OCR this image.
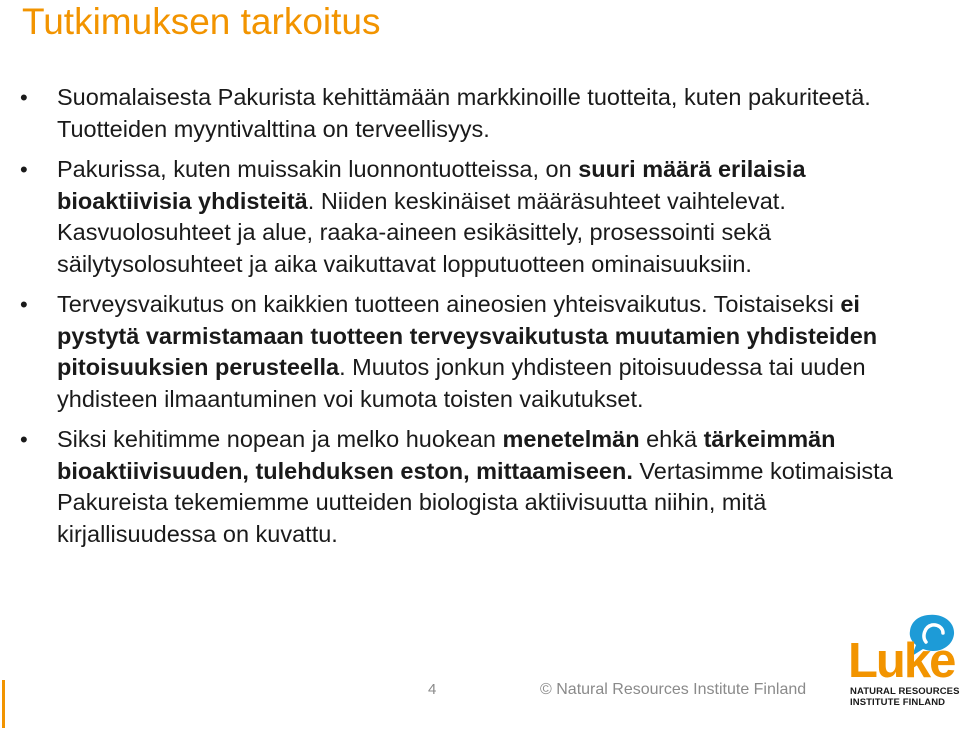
Tutkimuksen tarkoitus
•	Suomalaisesta Pakurista kehittämään markkinoille tuotteita, kuten pakuriteetä. Tuotteiden myyntivalttina on terveellisyys.
•	Pakurissa, kuten muissakin luonnontuotteissa, on suuri määrä erilaisia bioaktiivisia yhdisteitä. Niiden keskinäiset määräsuhteet vaihtelevat. Kasvuolosuhteet ja alue, raaka-aineen esikäsittely, prosessointi sekä säilytysolosuhteet ja aika vaikuttavat lopputuotteen ominaisuuksiin.
•	Terveysvaikutus on kaikkien tuotteen aineosien yhteisvaikutus. Toistaiseksi ei pystytä varmistamaan tuotteen terveysvaikutusta muutamien yhdisteiden pitoisuuksien perusteella. Muutos jonkun yhdisteen pitoisuudessa tai uuden yhdisteen ilmaantuminen voi kumota toisten vaikutukset.
•	Siksi kehitimme nopean ja melko huokean menetelmän ehkä tärkeimmän bioaktiivisuuden, tulehduksen eston, mittaamiseen. Vertasimme kotimaisista Pakureista tekemiemme uutteiden biologista aktiivisuutta niihin, mitä kirjallisuudessa on kuvattu.
4	© Natural Resources Institute Finland
Luke
NATURAL RESOURCES
INSTITUTE FINLAND
